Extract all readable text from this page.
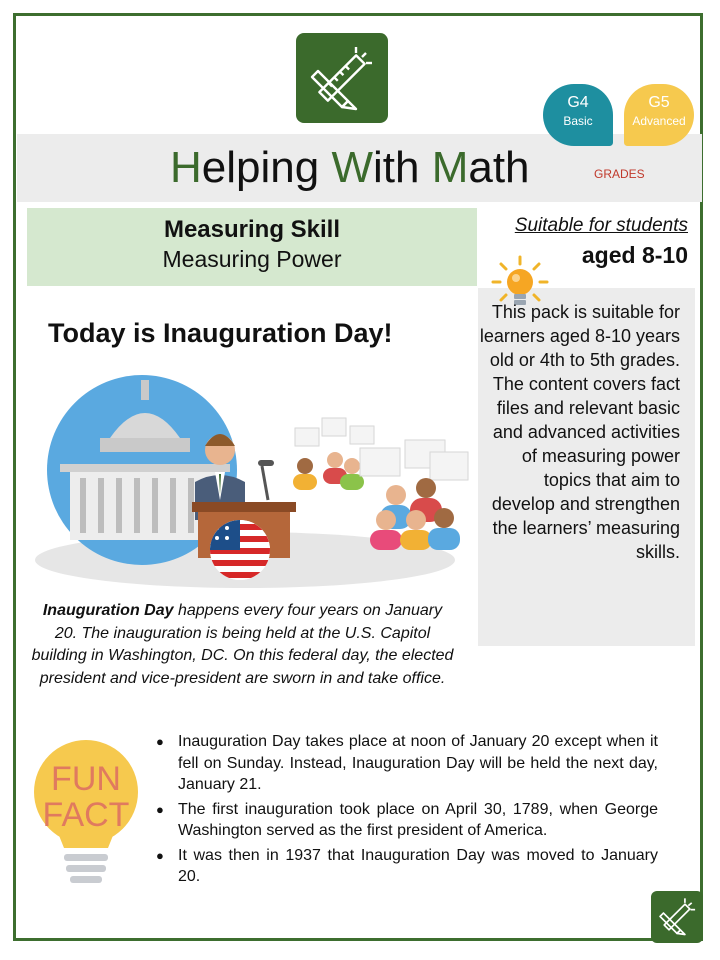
Helping With Math	GRADES
G4
Basic
G5
Advanced
Measuring Skill
Measuring Power
Suitable for students
aged 8-10
This pack is suitable for learners aged 8-10 years old or 4th to 5th grades. The content covers fact files and relevant basic and advanced activities of measuring power topics that aim to develop and strengthen the learners’ measuring skills.
Today is Inauguration Day!
Inauguration Day happens every four years on January 20. The inauguration is being held at the U.S. Capitol building in Washington, DC. On this federal day, the elected president and vice-president are sworn in and take office.
FUN
FACT
● Inauguration Day takes place at noon of January 20 except when it fell on Sunday. Instead, Inauguration Day will be held the next day, January 21.
● The first inauguration took place on April 30, 1789, when George Washington served as the first president of America.
● It was then in 1937 that Inauguration Day was moved to January 20.
